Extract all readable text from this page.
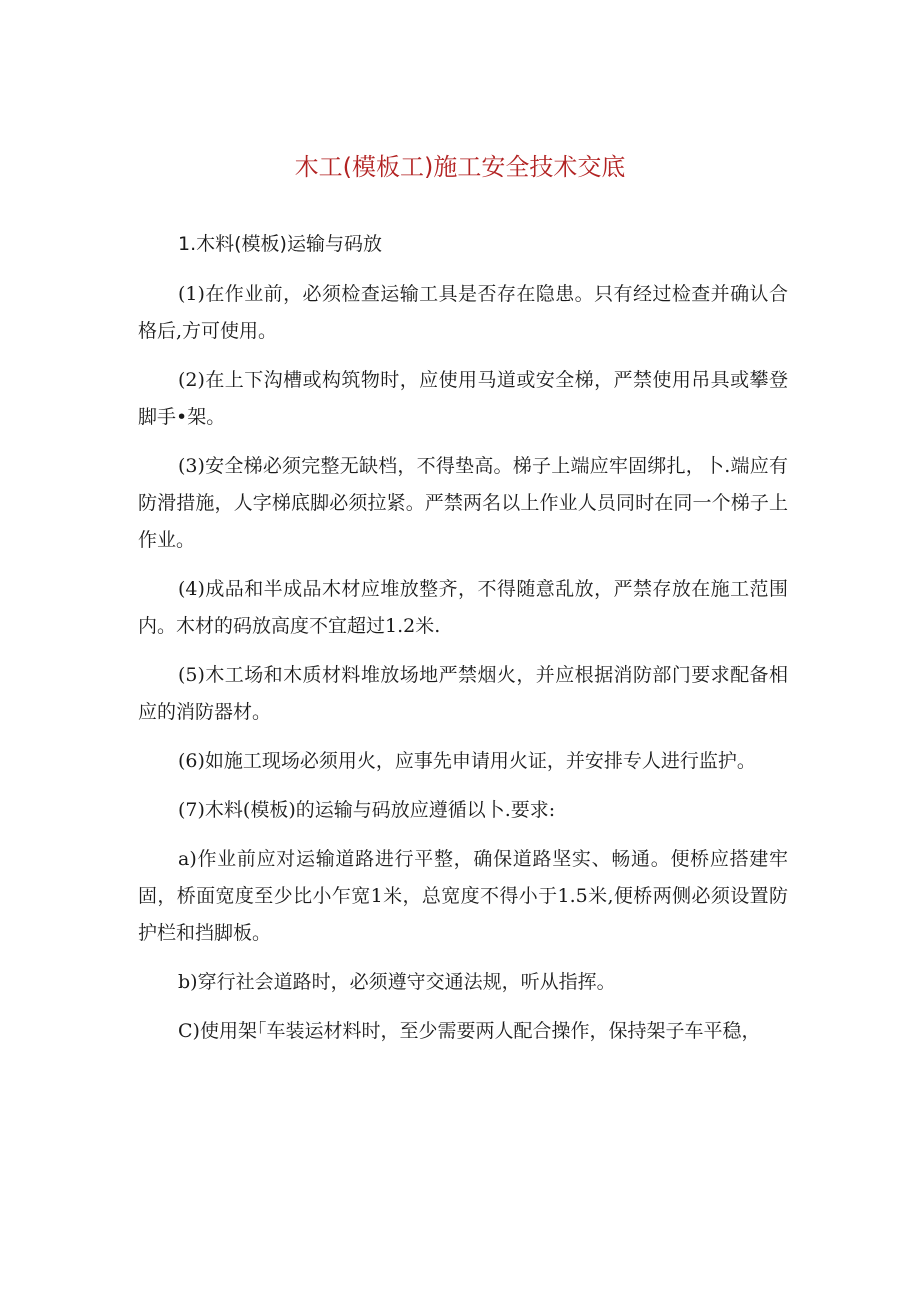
木工(模板工)施工安全技术交底

1.木料(模板)运输与码放

(1)在作业前，必须检查运输工具是否存在隐患。只有经过检查并确认合格后,方可使用。

(2)在上下沟槽或构筑物时，应使用马道或安全梯，严禁使用吊具或攀登脚手•架。

(3)安全梯必须完整无缺档，不得垫高。梯子上端应牢固绑扎，卜.端应有防滑措施，人字梯底脚必须拉紧。严禁两名以上作业人员同时在同一个梯子上作业。

(4)成品和半成品木材应堆放整齐，不得随意乱放，严禁存放在施工范围内。木材的码放高度不宜超过1.2米.

(5)木工场和木质材料堆放场地严禁烟火，并应根据消防部门要求配备相应的消防器材。

(6)如施工现场必须用火，应事先申请用火证，并安排专人进行监护。

(7)木料(模板)的运输与码放应遵循以卜.要求:

a)作业前应对运输道路进行平整，确保道路坚实、畅通。便桥应搭建牢固，桥面宽度至少比小乍宽1米，总宽度不得小于1.5米,便桥两侧必须设置防护栏和挡脚板。

b)穿行社会道路时，必须遵守交通法规，听从指挥。

C)使用架｢车装运材料时，至少需要两人配合操作，保持架子车平稳，
